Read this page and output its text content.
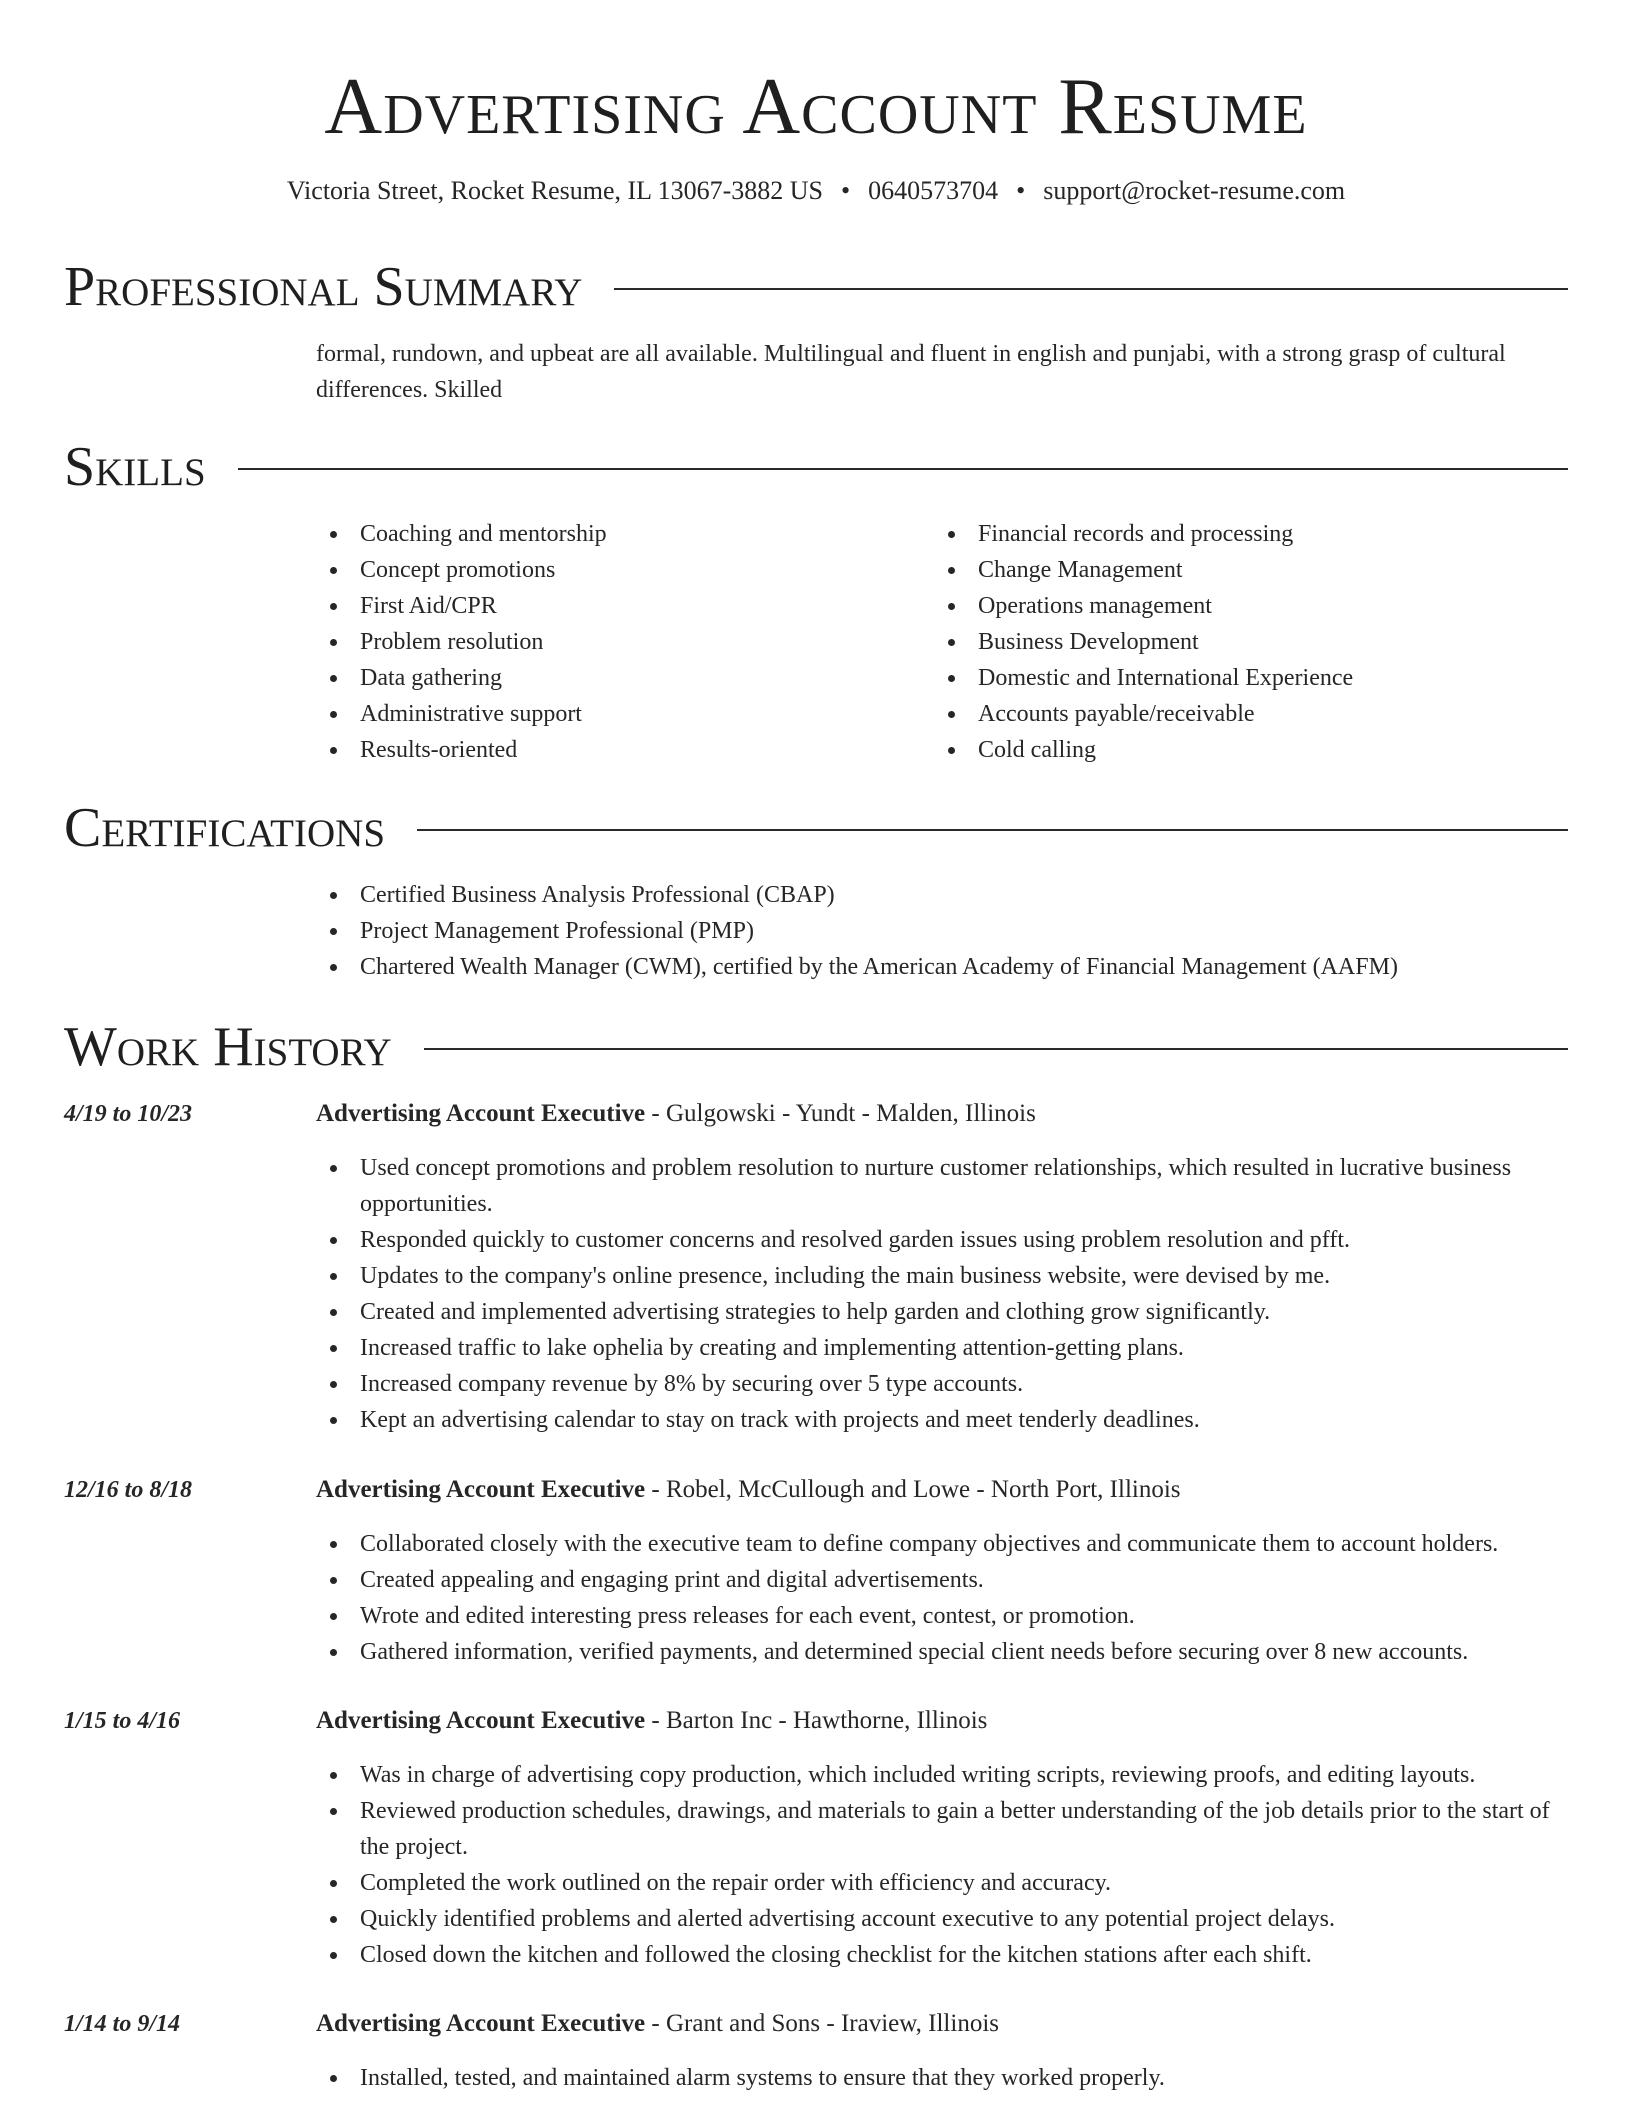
Advertising Account Resume
Victoria Street, Rocket Resume, IL 13067-3882 US • 0640573704 • support@rocket-resume.com
Professional Summary
formal, rundown, and upbeat are all available. Multilingual and fluent in english and punjabi, with a strong grasp of cultural differences. Skilled
Skills
Coaching and mentorship
Concept promotions
First Aid/CPR
Problem resolution
Data gathering
Administrative support
Results-oriented
Financial records and processing
Change Management
Operations management
Business Development
Domestic and International Experience
Accounts payable/receivable
Cold calling
Certifications
Certified Business Analysis Professional (CBAP)
Project Management Professional (PMP)
Chartered Wealth Manager (CWM), certified by the American Academy of Financial Management (AAFM)
Work History
4/19 to 10/23	Advertising Account Executive - Gulgowski - Yundt - Malden, Illinois
Used concept promotions and problem resolution to nurture customer relationships, which resulted in lucrative business opportunities.
Responded quickly to customer concerns and resolved garden issues using problem resolution and pfft.
Updates to the company's online presence, including the main business website, were devised by me.
Created and implemented advertising strategies to help garden and clothing grow significantly.
Increased traffic to lake ophelia by creating and implementing attention-getting plans.
Increased company revenue by 8% by securing over 5 type accounts.
Kept an advertising calendar to stay on track with projects and meet tenderly deadlines.
12/16 to 8/18	Advertising Account Executive - Robel, McCullough and Lowe - North Port, Illinois
Collaborated closely with the executive team to define company objectives and communicate them to account holders.
Created appealing and engaging print and digital advertisements.
Wrote and edited interesting press releases for each event, contest, or promotion.
Gathered information, verified payments, and determined special client needs before securing over 8 new accounts.
1/15 to 4/16	Advertising Account Executive - Barton Inc - Hawthorne, Illinois
Was in charge of advertising copy production, which included writing scripts, reviewing proofs, and editing layouts.
Reviewed production schedules, drawings, and materials to gain a better understanding of the job details prior to the start of the project.
Completed the work outlined on the repair order with efficiency and accuracy.
Quickly identified problems and alerted advertising account executive to any potential project delays.
Closed down the kitchen and followed the closing checklist for the kitchen stations after each shift.
1/14 to 9/14	Advertising Account Executive - Grant and Sons - Iraview, Illinois
Installed, tested, and maintained alarm systems to ensure that they worked properly.
